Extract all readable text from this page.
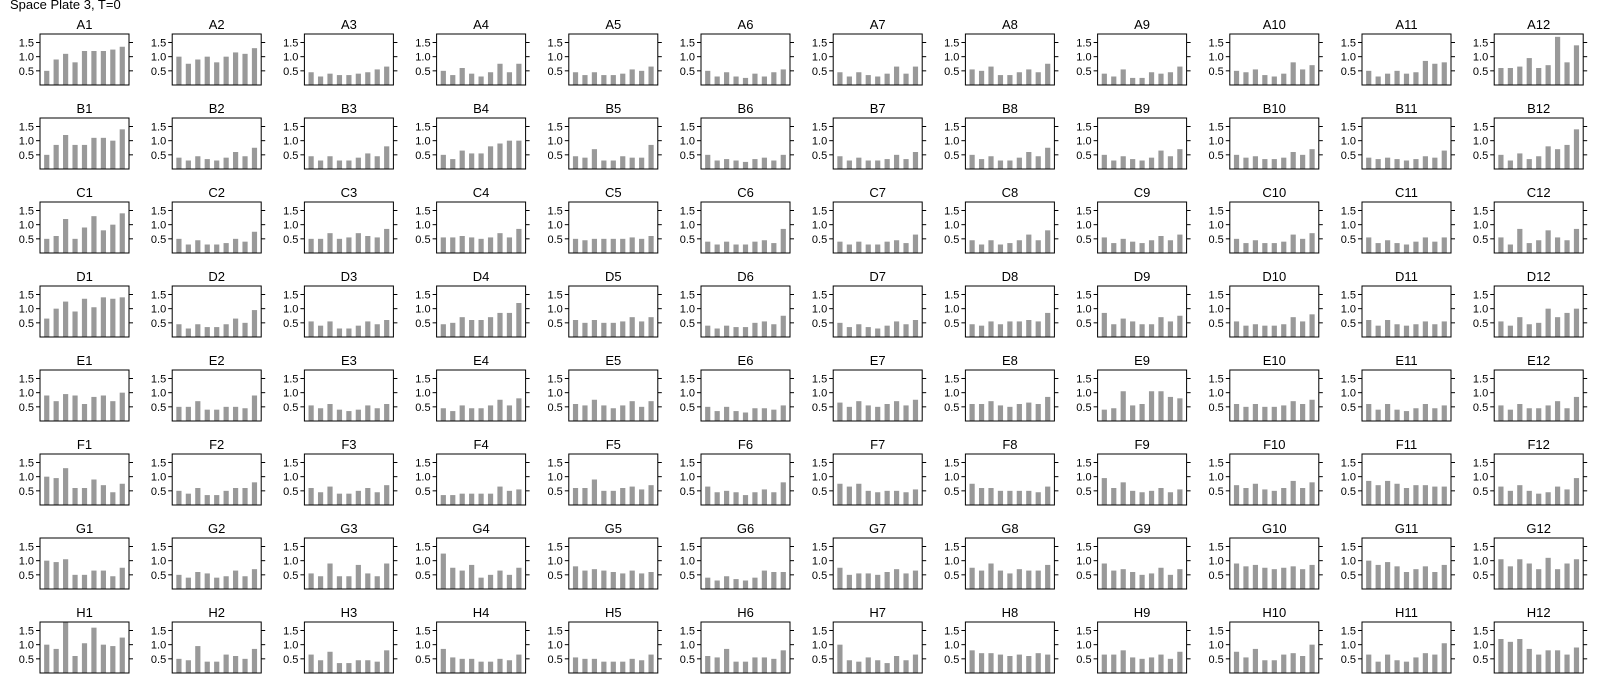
Space Plate 3, T=0
A1
0.5
1.0
1.5
A2
0.5
1.0
1.5
A3
0.5
1.0
1.5
A4
0.5
1.0
1.5
A5
0.5
1.0
1.5
A6
0.5
1.0
1.5
A7
0.5
1.0
1.5
A8
0.5
1.0
1.5
A9
0.5
1.0
1.5
A10
0.5
1.0
1.5
A11
0.5
1.0
1.5
A12
0.5
1.0
1.5
B1
0.5
1.0
1.5
B2
0.5
1.0
1.5
B3
0.5
1.0
1.5
B4
0.5
1.0
1.5
B5
0.5
1.0
1.5
B6
0.5
1.0
1.5
B7
0.5
1.0
1.5
B8
0.5
1.0
1.5
B9
0.5
1.0
1.5
B10
0.5
1.0
1.5
B11
0.5
1.0
1.5
B12
0.5
1.0
1.5
C1
0.5
1.0
1.5
C2
0.5
1.0
1.5
C3
0.5
1.0
1.5
C4
0.5
1.0
1.5
C5
0.5
1.0
1.5
C6
0.5
1.0
1.5
C7
0.5
1.0
1.5
C8
0.5
1.0
1.5
C9
0.5
1.0
1.5
C10
0.5
1.0
1.5
C11
0.5
1.0
1.5
C12
0.5
1.0
1.5
D1
0.5
1.0
1.5
D2
0.5
1.0
1.5
D3
0.5
1.0
1.5
D4
0.5
1.0
1.5
D5
0.5
1.0
1.5
D6
0.5
1.0
1.5
D7
0.5
1.0
1.5
D8
0.5
1.0
1.5
D9
0.5
1.0
1.5
D10
0.5
1.0
1.5
D11
0.5
1.0
1.5
D12
0.5
1.0
1.5
E1
0.5
1.0
1.5
E2
0.5
1.0
1.5
E3
0.5
1.0
1.5
E4
0.5
1.0
1.5
E5
0.5
1.0
1.5
E6
0.5
1.0
1.5
E7
0.5
1.0
1.5
E8
0.5
1.0
1.5
E9
0.5
1.0
1.5
E10
0.5
1.0
1.5
E11
0.5
1.0
1.5
E12
0.5
1.0
1.5
F1
0.5
1.0
1.5
F2
0.5
1.0
1.5
F3
0.5
1.0
1.5
F4
0.5
1.0
1.5
F5
0.5
1.0
1.5
F6
0.5
1.0
1.5
F7
0.5
1.0
1.5
F8
0.5
1.0
1.5
F9
0.5
1.0
1.5
F10
0.5
1.0
1.5
F11
0.5
1.0
1.5
F12
0.5
1.0
1.5
G1
0.5
1.0
1.5
G2
0.5
1.0
1.5
G3
0.5
1.0
1.5
G4
0.5
1.0
1.5
G5
0.5
1.0
1.5
G6
0.5
1.0
1.5
G7
0.5
1.0
1.5
G8
0.5
1.0
1.5
G9
0.5
1.0
1.5
G10
0.5
1.0
1.5
G11
0.5
1.0
1.5
G12
0.5
1.0
1.5
H1
0.5
1.0
1.5
H2
0.5
1.0
1.5
H3
0.5
1.0
1.5
H4
0.5
1.0
1.5
H5
0.5
1.0
1.5
H6
0.5
1.0
1.5
H7
0.5
1.0
1.5
H8
0.5
1.0
1.5
H9
0.5
1.0
1.5
H10
0.5
1.0
1.5
H11
0.5
1.0
1.5
H12
0.5
1.0
1.5
